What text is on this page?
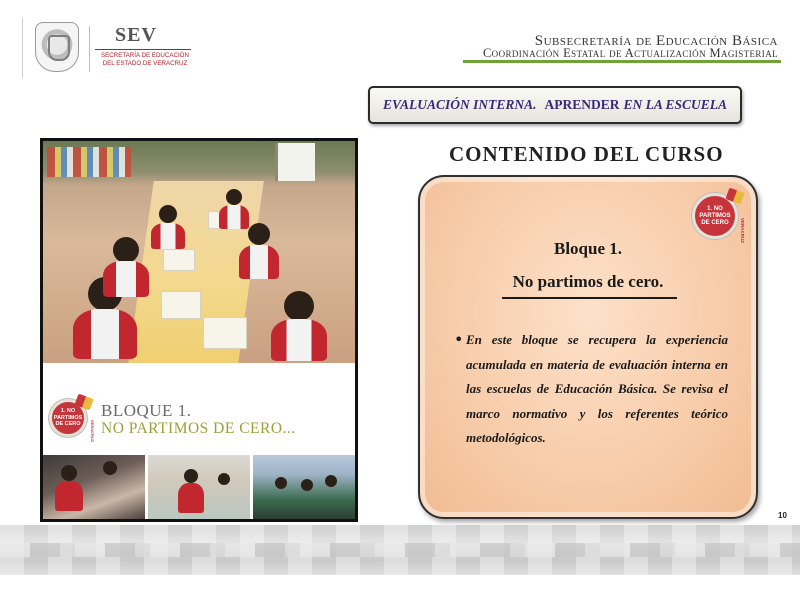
SEV
SECRETARÍA DE EDUCACIÓN
DEL ESTADO DE VERACRUZ
Subsecretaría de Educación Básica
Coordinación Estatal de Actualización Magisterial
EVALUACIÓN INTERNA. APRENDER EN LA ESCUELA
1. NO
PARTIMOS
DE CERO	VERACRUZ
BLOQUE 1.
NO PARTIMOS DE CERO...
CONTENIDO DEL CURSO
1. NO
PARTIMOS
DE CERO	VERACRUZ
Bloque 1.
No partimos de cero.
• En este bloque se recupera la experiencia acumulada en materia de evaluación interna en las escuelas de Educación Básica. Se revisa el marco normativo y los referentes teórico metodológicos.
10
